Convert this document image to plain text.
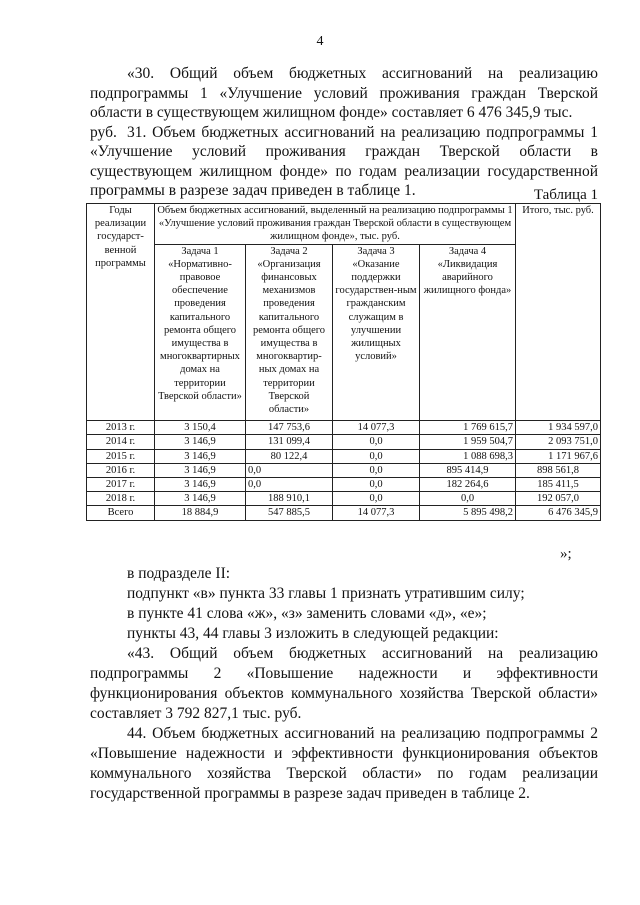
4

«30. Общий объем бюджетных ассигнований на реализацию

подпрограммы 1 «Улучшение условий проживания граждан Тверской

области в существующем жилищном фонде» составляет 6 476 345,9 тыс. руб. 31. Объем бюджетных ассигнований на реализацию подпрограммы 1

«Улучшение условий проживания граждан Тверской области в

существующем жилищном фонде» по годам реализации государственной

программы в разрезе задач приведен в таблице 1.	Таблица 1
Годы реализации государст-венной программы	Объем бюджетных ассигнований, выделенный на реализацию подпрограммы 1 «Улучшение условий проживания граждан Тверской области в существующем жилищном фонде», тыс. руб.				Итого, тыс. руб.
	Задача 1 «Нормативно-правовое обеспечение проведения капитального ремонта общего имущества в многоквартирных домах на территории Тверской области»	Задача 2 «Организация финансовых механизмов проведения капитального ремонта общего имущества в многоквартир-ных домах на территории Тверской области»	Задача 3 «Оказание поддержки государствен-ным гражданским служащим в улучшении жилищных условий»	Задача 4 «Ликвидация аварийного жилищного фонда»	
2013 г.	3 150,4	147 753,6	14 077,3	1 769 615,7	1 934 597,0
2014 г.	3 146,9	131 099,4	0,0	1 959 504,7	2 093 751,0
2015 г.	3 146,9	80 122,4	0,0	1 088 698,3	1 171 967,6
2016 г.	3 146,9	0,0	0,0	895 414,9	898 561,8
2017 г.	3 146,9	0,0	0,0	182 264,6	185 411,5
2018 г.	3 146,9	188 910,1	0,0	0,0	192 057,0
Всего	18 884,9	547 885,5	14 077,3	5 895 498,2	6 476 345,9
»;

в подразделе II:

подпункт «в» пункта 33 главы 1 признать утратившим силу;

в пункте 41 слова «ж», «з» заменить словами «д», «е»;

пункты 43, 44 главы 3 изложить в следующей редакции:

«43. Общий объем бюджетных ассигнований на реализацию

подпрограммы 2 «Повышение надежности и эффективности

функционирования объектов коммунального хозяйства Тверской области»

составляет 3 792 827,1 тыс. руб.

44. Объем бюджетных ассигнований на реализацию подпрограммы 2

«Повышение надежности и эффективности функционирования объектов

коммунального хозяйства Тверской области» по годам реализации

государственной программы в разрезе задач приведен в таблице 2.
